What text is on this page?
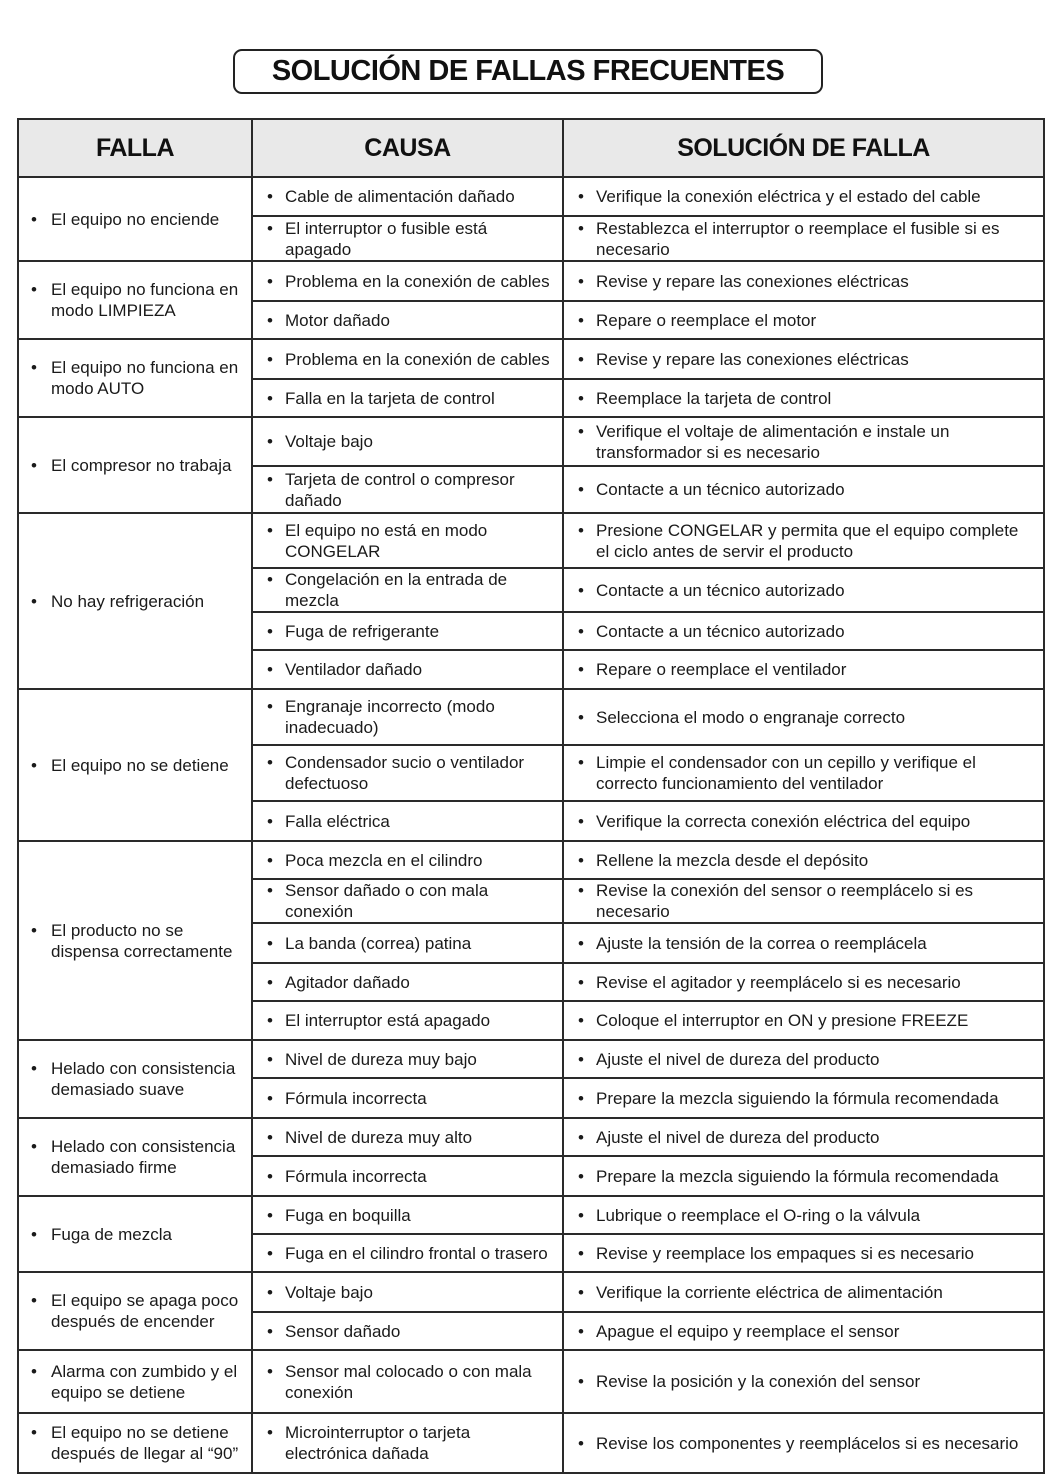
SOLUCIÓN DE FALLAS FRECUENTES
FALLA	CAUSA	SOLUCIÓN DE FALLA

• El equipo no enciende	• Cable de alimentación dañado	• Verifique la conexión eléctrica y el estado del cable

	• El interruptor o fusible está apagado	• Restablezca el interruptor o reemplace el fusible si es necesario

• El equipo no funciona en modo LIMPIEZA	• Problema en la conexión de cables	• Revise y repare las conexiones eléctricas

	• Motor dañado	• Repare o reemplace el motor

• El equipo no funciona en modo AUTO	• Problema en la conexión de cables	• Revise y repare las conexiones eléctricas

	• Falla en la tarjeta de control	• Reemplace la tarjeta de control

• El compresor no trabaja	• Voltaje bajo	• Verifique el voltaje de alimentación e instale un transformador si es necesario

	• Tarjeta de control o compresor dañado	• Contacte a un técnico autorizado

• No hay refrigeración	• El equipo no está en modo CONGELAR	• Presione CONGELAR y permita que el equipo complete el ciclo antes de servir el producto

	• Congelación en la entrada de mezcla	• Contacte a un técnico autorizado

	• Fuga de refrigerante	• Contacte a un técnico autorizado

	• Ventilador dañado	• Repare o reemplace el ventilador

• El equipo no se detiene	• Engranaje incorrecto (modo inadecuado)	• Selecciona el modo o engranaje correcto

	• Condensador sucio o ventilador defectuoso	• Limpie el condensador con un cepillo y verifique el correcto funcionamiento del ventilador

	• Falla eléctrica	• Verifique la correcta conexión eléctrica del equipo

• El producto no se dispensa correctamente	• Poca mezcla en el cilindro	• Rellene la mezcla desde el depósito

	• Sensor dañado o con mala conexión	• Revise la conexión del sensor o reemplácelo si es necesario

	• La banda (correa) patina	• Ajuste la tensión de la correa o reemplácela

	• Agitador dañado	• Revise el agitador y reemplácelo si es necesario

	• El interruptor está apagado	• Coloque el interruptor en ON y presione FREEZE

• Helado con consistencia demasiado suave	• Nivel de dureza muy bajo	• Ajuste el nivel de dureza del producto

	• Fórmula incorrecta	• Prepare la mezcla siguiendo la fórmula recomendada

• Helado con consistencia demasiado firme	• Nivel de dureza muy alto	• Ajuste el nivel de dureza del producto

	• Fórmula incorrecta	• Prepare la mezcla siguiendo la fórmula recomendada

• Fuga de mezcla	• Fuga en boquilla	• Lubrique o reemplace el O-ring o la válvula

	• Fuga en el cilindro frontal o trasero	• Revise y reemplace los empaques si es necesario

• El equipo se apaga poco después de encender	• Voltaje bajo	• Verifique la corriente eléctrica de alimentación

	• Sensor dañado	• Apague el equipo y reemplace el sensor

• Alarma con zumbido y el equipo se detiene	• Sensor mal colocado o con mala conexión	• Revise la posición y la conexión del sensor

• El equipo no se detiene después de llegar al “90”	• Microinterruptor o tarjeta electrónica dañada	• Revise los componentes y reemplácelos si es necesario
